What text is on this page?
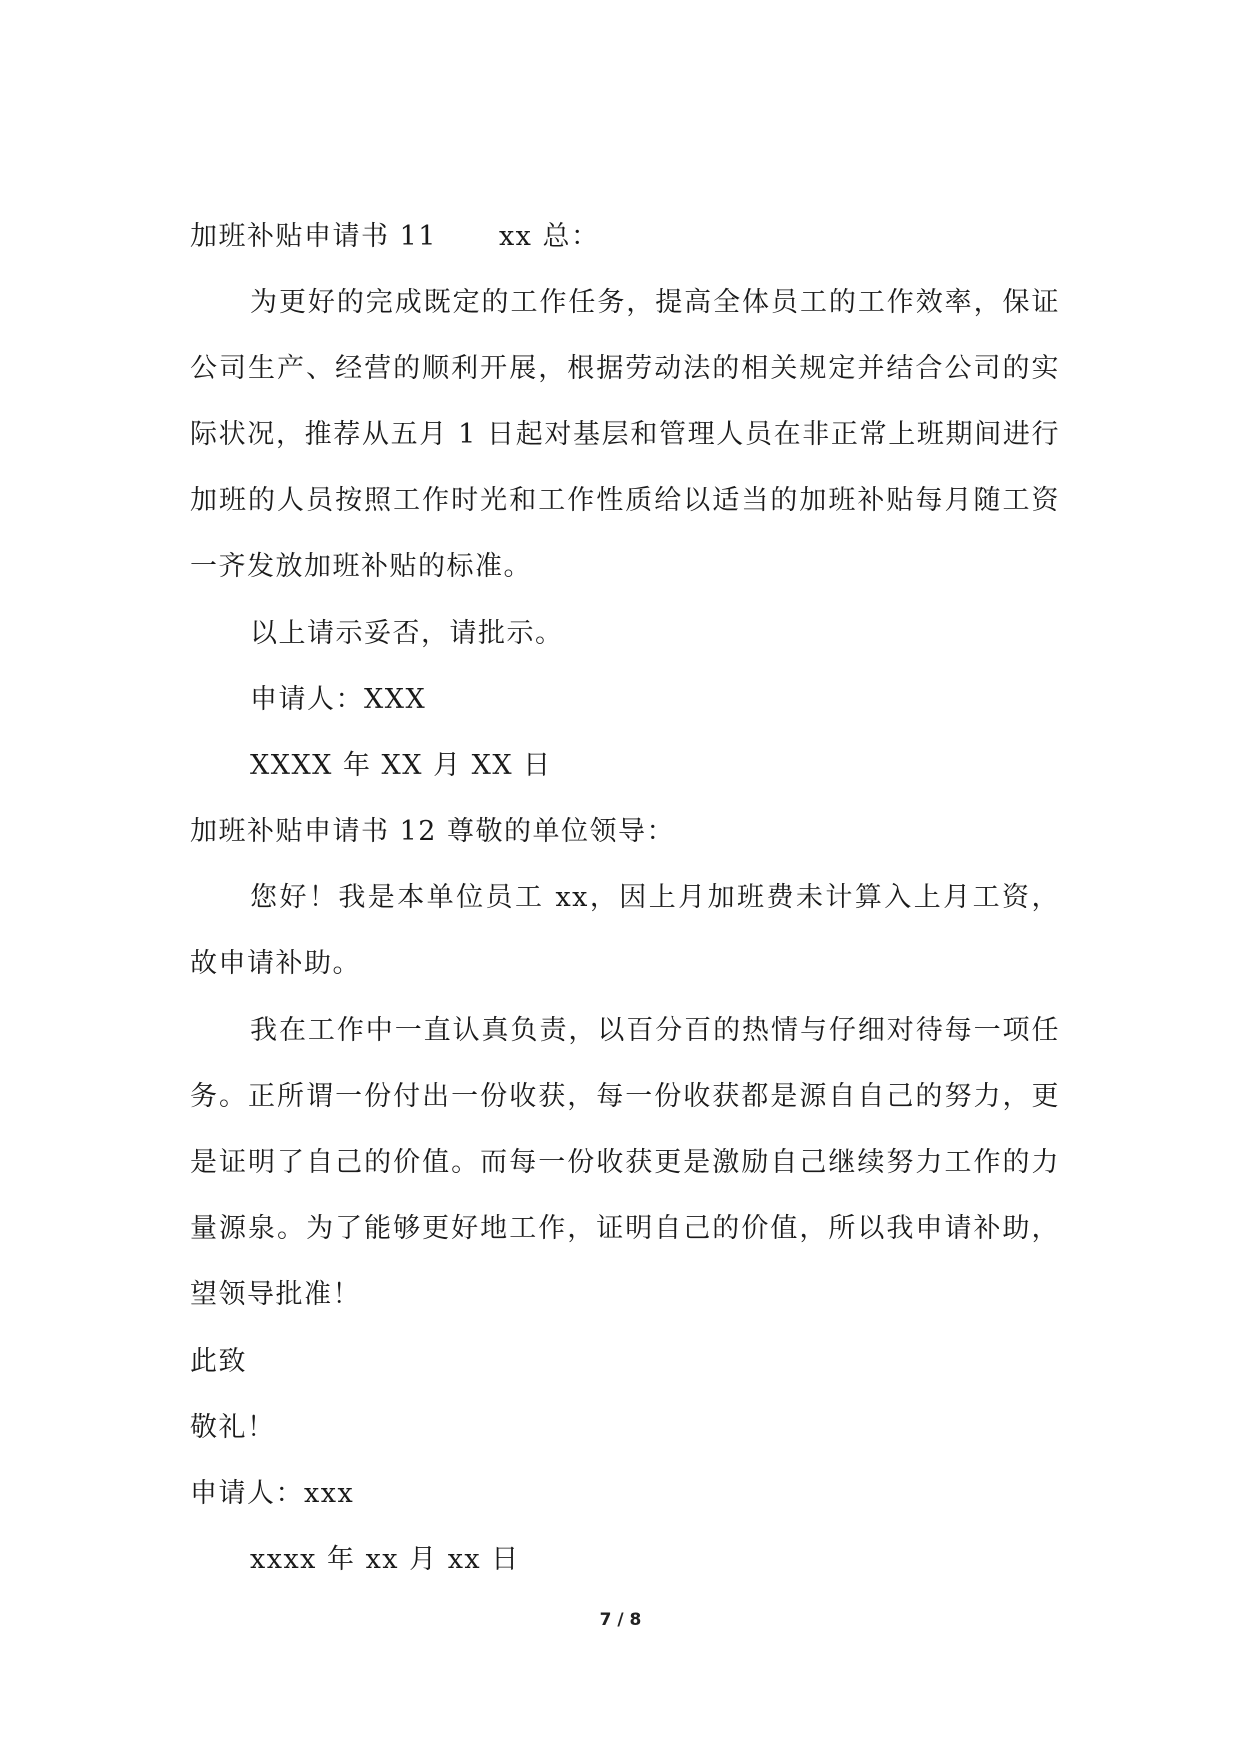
加班补贴申请书 11 xx 总：

为更好的完成既定的工作任务，提高全体员工的工作效率，保证公司生产、经营的顺利开展，根据劳动法的相关规定并结合公司的实际状况，推荐从五月 1 日起对基层和管理人员在非正常上班期间进行加班的人员按照工作时光和工作性质给以适当的加班补贴每月随工资一齐发放加班补贴的标准。

以上请示妥否，请批示。
申请人：XXX
XXXX 年 XX 月 XX 日
加班补贴申请书 12 尊敬的单位领导：

您好！我是本单位员工 xx，因上月加班费未计算入上月工资，故申请补助。

我在工作中一直认真负责，以百分百的热情与仔细对待每一项任务。正所谓一份付出一份收获，每一份收获都是源自自己的努力，更是证明了自己的价值。而每一份收获更是激励自己继续努力工作的力量源泉。为了能够更好地工作，证明自己的价值，所以我申请补助，望领导批准！

此致
敬礼！
申请人：xxx
xxxx 年 xx 月 xx 日
7 / 8
